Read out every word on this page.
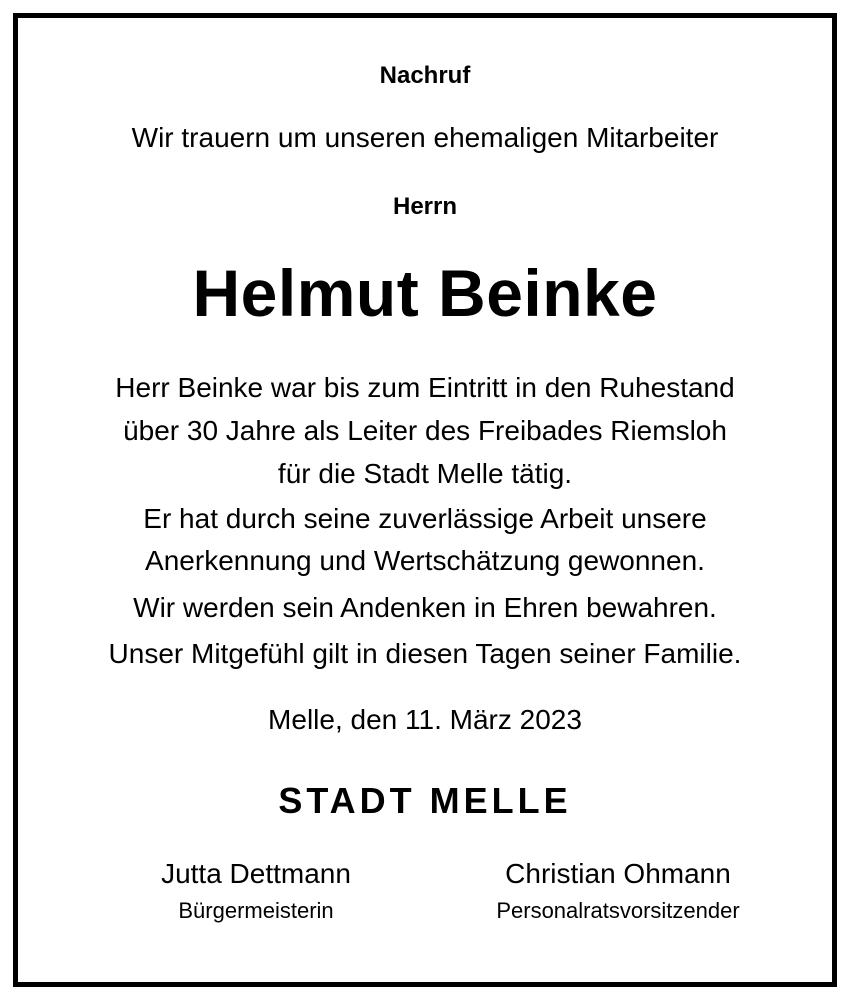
Nachruf
Wir trauern um unseren ehemaligen Mitarbeiter
Herrn
Helmut Beinke
Herr Beinke war bis zum Eintritt in den Ruhestand
über 30 Jahre als Leiter des Freibades Riemsloh
für die Stadt Melle tätig.
Er hat durch seine zuverlässige Arbeit unsere
Anerkennung und Wertschätzung gewonnen.
Wir werden sein Andenken in Ehren bewahren.
Unser Mitgefühl gilt in diesen Tagen seiner Familie.
Melle, den 11. März 2023
STADT MELLE
Jutta Dettmann
Bürgermeisterin
Christian Ohmann
Personalratsvorsitzender
